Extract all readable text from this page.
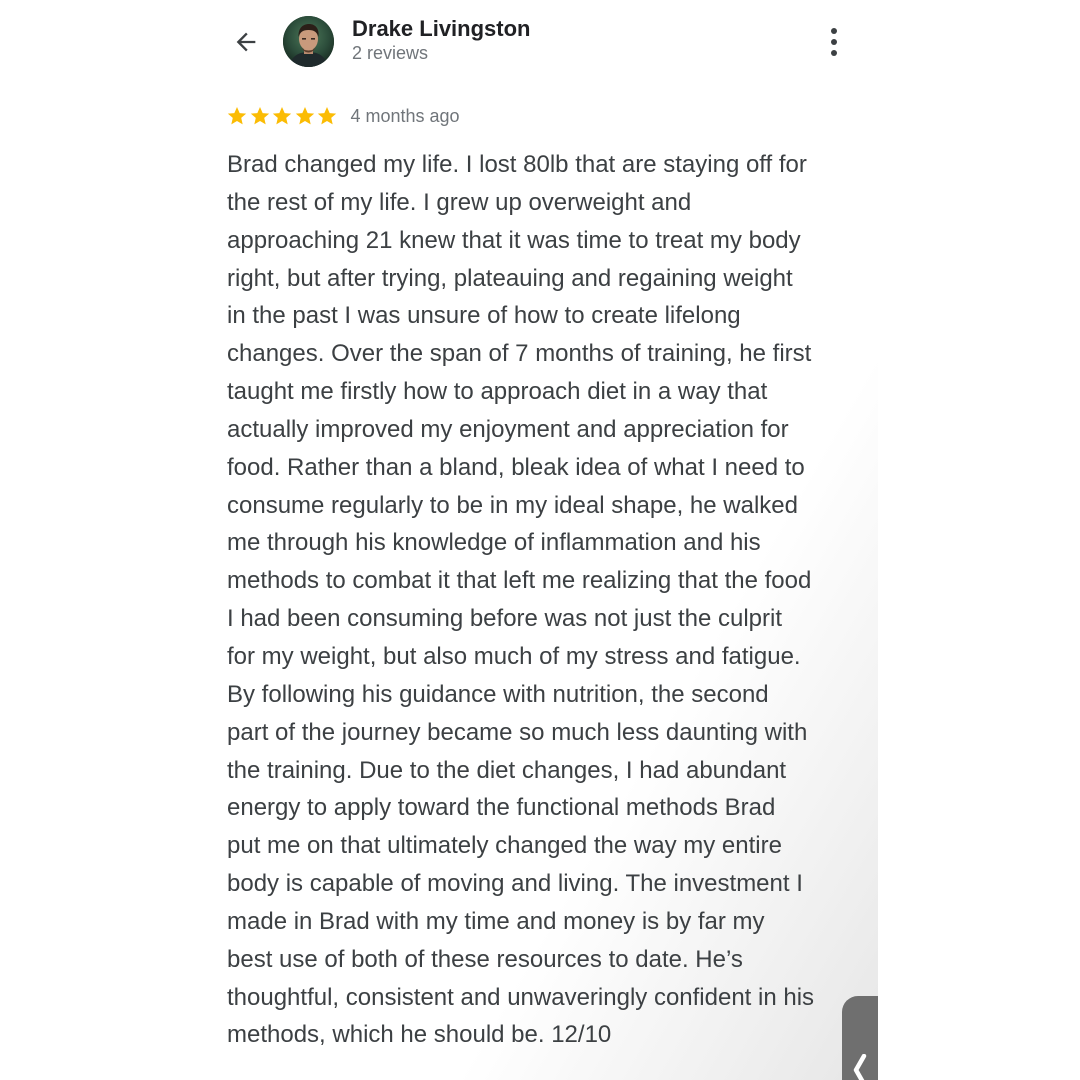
Drake Livingston
2 reviews
4 months ago

Brad changed my life. I lost 80lb that are staying off for
the rest of my life. I grew up overweight and
approaching 21 knew that it was time to treat my body
right, but after trying, plateauing and regaining weight
in the past I was unsure of how to create lifelong
changes. Over the span of 7 months of training, he first
taught me firstly how to approach diet in a way that
actually improved my enjoyment and appreciation for
food. Rather than a bland, bleak idea of what I need to
consume regularly to be in my ideal shape, he walked
me through his knowledge of inflammation and his
methods to combat it that left me realizing that the food
I had been consuming before was not just the culprit
for my weight, but also much of my stress and fatigue.
By following his guidance with nutrition, the second
part of the journey became so much less daunting with
the training. Due to the diet changes, I had abundant
energy to apply toward the functional methods Brad
put me on that ultimately changed the way my entire
body is capable of moving and living. The investment I
made in Brad with my time and money is by far my
best use of both of these resources to date. He’s
thoughtful, consistent and unwaveringly confident in his
methods, which he should be. 12/10
